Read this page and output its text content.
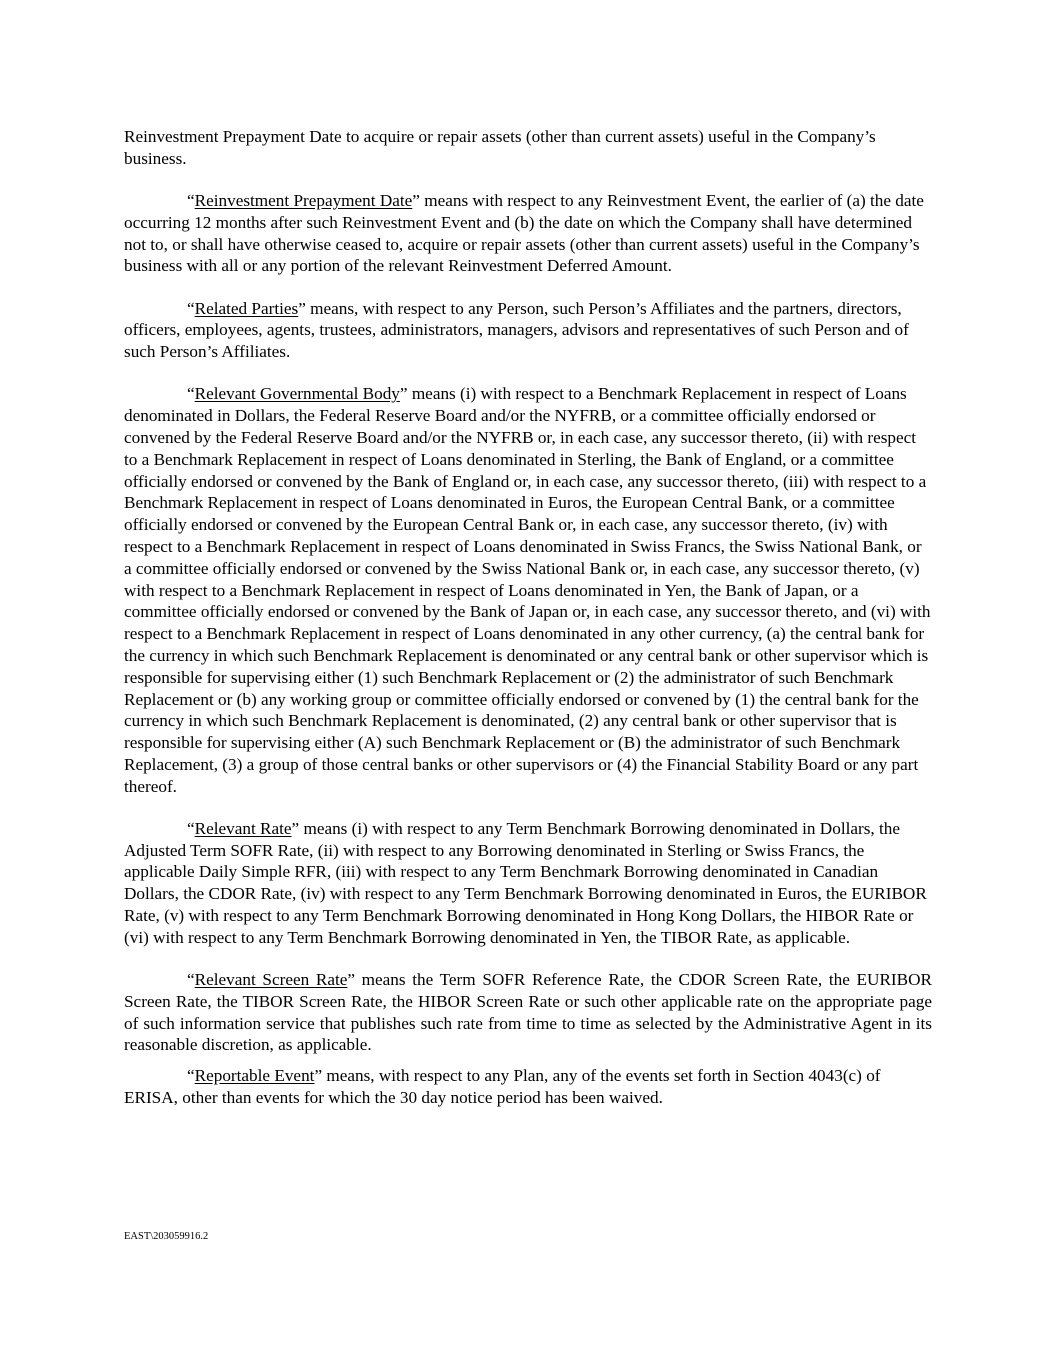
Reinvestment Prepayment Date to acquire or repair assets (other than current assets) useful in the Company’s business.

“Reinvestment Prepayment Date” means with respect to any Reinvestment Event, the earlier of (a) the date occurring 12 months after such Reinvestment Event and (b) the date on which the Company shall have determined not to, or shall have otherwise ceased to, acquire or repair assets (other than current assets) useful in the Company’s business with all or any portion of the relevant Reinvestment Deferred Amount.

“Related Parties” means, with respect to any Person, such Person’s Affiliates and the partners, directors, officers, employees, agents, trustees, administrators, managers, advisors and representatives of such Person and of such Person’s Affiliates.

“Relevant Governmental Body” means (i) with respect to a Benchmark Replacement in respect of Loans denominated in Dollars, the Federal Reserve Board and/or the NYFRB, or a committee officially endorsed or convened by the Federal Reserve Board and/or the NYFRB or, in each case, any successor thereto, (ii) with respect to a Benchmark Replacement in respect of Loans denominated in Sterling, the Bank of England, or a committee officially endorsed or convened by the Bank of England or, in each case, any successor thereto, (iii) with respect to a Benchmark Replacement in respect of Loans denominated in Euros, the European Central Bank, or a committee officially endorsed or convened by the European Central Bank or, in each case, any successor thereto, (iv) with respect to a Benchmark Replacement in respect of Loans denominated in Swiss Francs, the Swiss National Bank, or a committee officially endorsed or convened by the Swiss National Bank or, in each case, any successor thereto, (v) with respect to a Benchmark Replacement in respect of Loans denominated in Yen, the Bank of Japan, or a committee officially endorsed or convened by the Bank of Japan or, in each case, any successor thereto, and (vi) with respect to a Benchmark Replacement in respect of Loans denominated in any other currency, (a) the central bank for the currency in which such Benchmark Replacement is denominated or any central bank or other supervisor which is responsible for supervising either (1) such Benchmark Replacement or (2) the administrator of such Benchmark Replacement or (b) any working group or committee officially endorsed or convened by (1) the central bank for the currency in which such Benchmark Replacement is denominated, (2) any central bank or other supervisor that is responsible for supervising either (A) such Benchmark Replacement or (B) the administrator of such Benchmark Replacement, (3) a group of those central banks or other supervisors or (4) the Financial Stability Board or any part thereof.

“Relevant Rate” means (i) with respect to any Term Benchmark Borrowing denominated in Dollars, the Adjusted Term SOFR Rate, (ii) with respect to any Borrowing denominated in Sterling or Swiss Francs, the applicable Daily Simple RFR, (iii) with respect to any Term Benchmark Borrowing denominated in Canadian Dollars, the CDOR Rate, (iv) with respect to any Term Benchmark Borrowing denominated in Euros, the EURIBOR Rate, (v) with respect to any Term Benchmark Borrowing denominated in Hong Kong Dollars, the HIBOR Rate or (vi) with respect to any Term Benchmark Borrowing denominated in Yen, the TIBOR Rate, as applicable.

“Relevant Screen Rate” means the Term SOFR Reference Rate, the CDOR Screen Rate, the EURIBOR Screen Rate, the TIBOR Screen Rate, the HIBOR Screen Rate or such other applicable rate on the appropriate page of such information service that publishes such rate from time to time as selected by the Administrative Agent in its reasonable discretion, as applicable.

“Reportable Event” means, with respect to any Plan, any of the events set forth in Section 4043(c) of ERISA, other than events for which the 30 day notice period has been waived.

EAST\203059916.2
